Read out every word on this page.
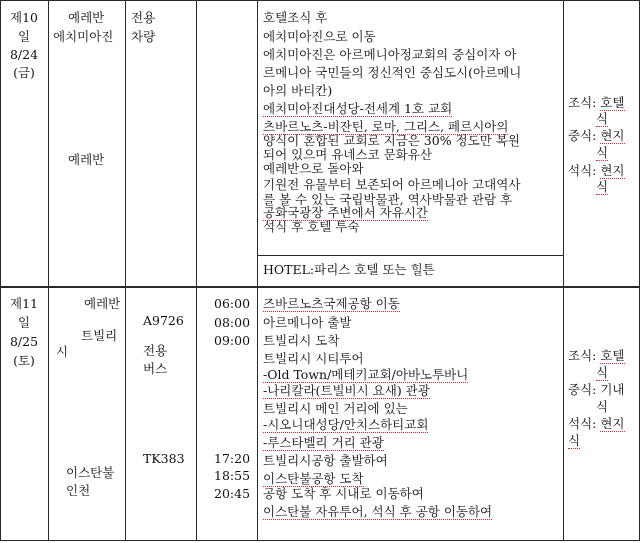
제10
일
8/24
(금)
예레반
에치미아진
예레반
전용
차량
호텔조식 후
에치미아진으로 이동
에치미아진은 아르메니아정교회의 중심이자 아
르메니아 국민들의 정신적인 중심도시(아르메니
아의 바티칸)
에치미아진대성당-전세계 1호 교회
츠바르노츠-비잔틴, 로마, 그리스, 페르시아의
양식이 혼합된 교회로 지금은 30% 정도만 복원
되어 있으며 유네스코 문화유산
예레반으로 돌아와
기원전 유물부터 보존되어 아르메니아 고대역사
를 볼 수 있는 국립박물관, 역사박물관 관람 후
공화국광장 주변에서 자유시간
석식 후 호텔 투숙
HOTEL:파리스 호텔 또는 힐튼
조식: 호텔
식
중식: 현지
식
석식: 현지
식
제11
일
8/25
(토)
예레반
트빌리
시
이스탄불
인천
A9726
전용
버스
TK383
06:00
08:00
09:00
17:20
18:55
20:45
즈바르노츠국제공항 이동
아르메니아 출발
트빌리시 도착
트빌리시 시티투어
-Old Town/메테키교회/아바노투바니
-나리칼라(트빌비시 요새) 관광
트빌리시 메인 거리에 있는
-시오니대성당/안치스하티교회
-루스타벨리 거리 관광
트빌리시공항 출발하여
이스탄불공항 도착
공항 도착 후 시내로 이동하여
이스탄불 자유투어, 석식 후 공항 이동하여
조식: 호텔
식
중식: 기내
식
석식: 현지
식
